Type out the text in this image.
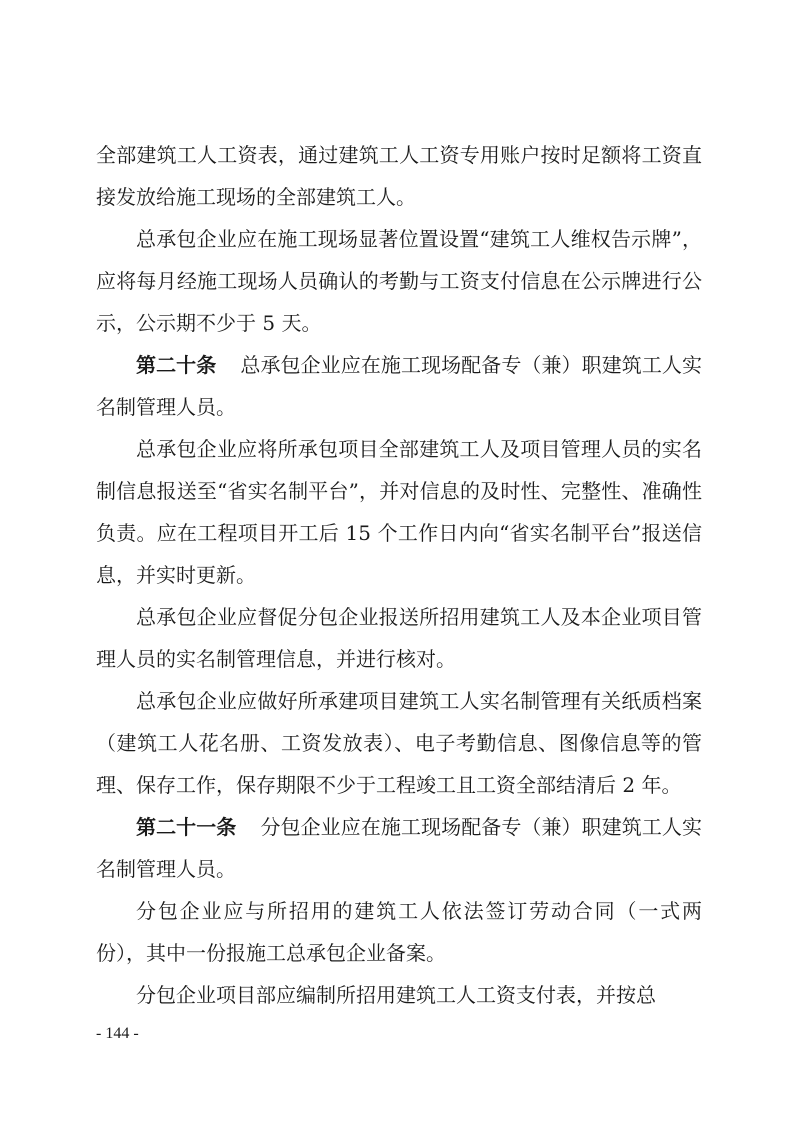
全部建筑工人工资表，通过建筑工人工资专用账户按时足额将工资直接发放给施工现场的全部建筑工人。

总承包企业应在施工现场显著位置设置“建筑工人维权告示牌”，应将每月经施工现场人员确认的考勤与工资支付信息在公示牌进行公示，公示期不少于 5 天。

第二十条 总承包企业应在施工现场配备专（兼）职建筑工人实名制管理人员。

总承包企业应将所承包项目全部建筑工人及项目管理人员的实名制信息报送至“省实名制平台”，并对信息的及时性、完整性、准确性负责。应在工程项目开工后 15 个工作日内向“省实名制平台”报送信息，并实时更新。

总承包企业应督促分包企业报送所招用建筑工人及本企业项目管理人员的实名制管理信息，并进行核对。

总承包企业应做好所承建项目建筑工人实名制管理有关纸质档案（建筑工人花名册、工资发放表）、电子考勤信息、图像信息等的管理、保存工作，保存期限不少于工程竣工且工资全部结清后 2 年。

第二十一条 分包企业应在施工现场配备专（兼）职建筑工人实名制管理人员。

分包企业应与所招用的建筑工人依法签订劳动合同（一式两份），其中一份报施工总承包企业备案。

分包企业项目部应编制所招用建筑工人工资支付表，并按总

- 144 -
